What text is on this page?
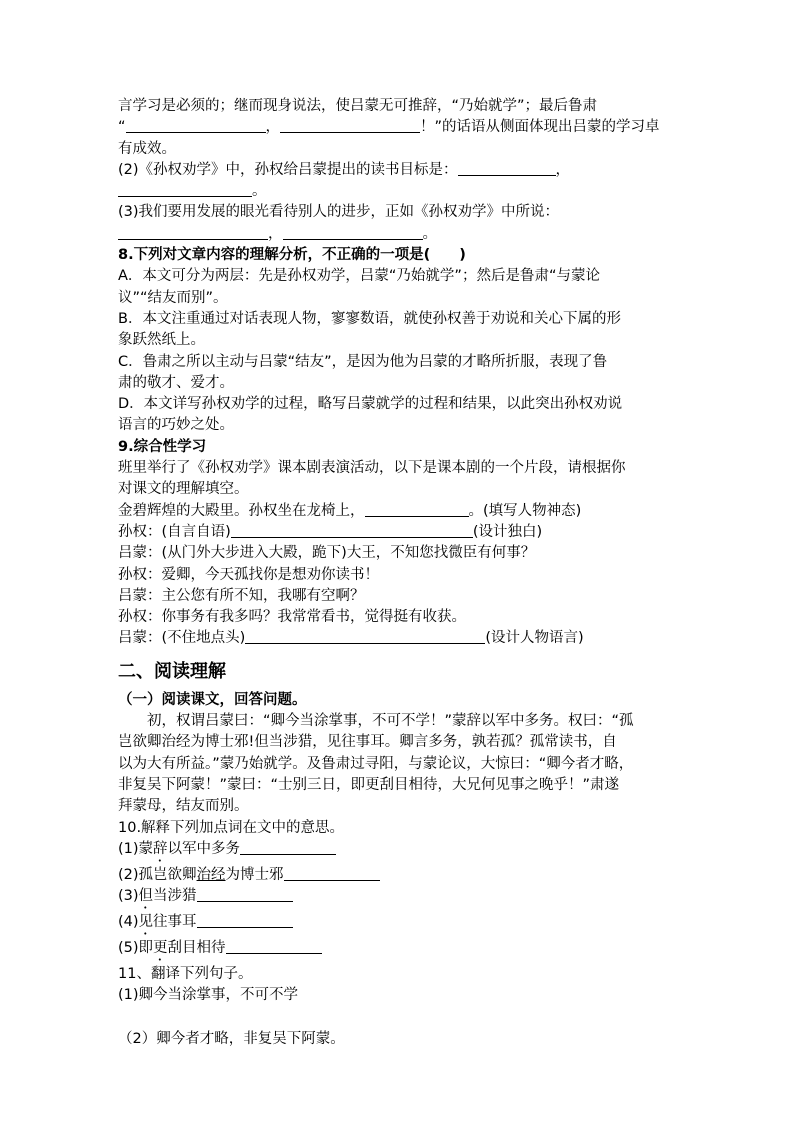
言学习是必须的；继而现身说法，使吕蒙无可推辞，“乃始就学”；最后鲁肃
“	，	！”的话语从侧面体现出吕蒙的学习卓
有成效。
(2)《孙权劝学》中，孙权给吕蒙提出的读书目标是：	，
。
(3)我们要用发展的眼光看待别人的进步，正如《孙权劝学》中所说：
，	。
8.下列对文章内容的理解分析，不正确的一项是(　　)
A．本文可分为两层：先是孙权劝学，吕蒙“乃始就学”；然后是鲁肃“与蒙论
议”“结友而别”。
B．本文注重通过对话表现人物，寥寥数语，就使孙权善于劝说和关心下属的形
象跃然纸上。
C．鲁肃之所以主动与吕蒙“结友”，是因为他为吕蒙的才略所折服，表现了鲁
肃的敬才、爱才。
D．本文详写孙权劝学的过程，略写吕蒙就学的过程和结果，以此突出孙权劝说
语言的巧妙之处。
9.综合性学习
班里举行了《孙权劝学》课本剧表演活动，以下是课本剧的一个片段，请根据你
对课文的理解填空。
金碧辉煌的大殿里。孙权坐在龙椅上，	。(填写人物神态)
孙权：(自言自语)	(设计独白)
吕蒙：(从门外大步进入大殿，跪下)大王，不知您找微臣有何事？
孙权：爱卿，今天孤找你是想劝你读书！
吕蒙：主公您有所不知，我哪有空啊？
孙权：你事务有我多吗？我常常看书，觉得挺有收获。
吕蒙：(不住地点头)	(设计人物语言)
二、阅读理解
（一）阅读课文，回答问题。
初，权谓吕蒙曰：“卿今当涂掌事，不可不学！”蒙辞以军中多务。权曰：“孤
岂欲卿治经为博士邪!但当涉猎，见往事耳。卿言多务，孰若孤？孤常读书，自
以为大有所益。”蒙乃始就学。及鲁肃过寻阳，与蒙论议，大惊曰：“卿今者才略，
非复吴下阿蒙！”蒙曰：“士别三日，即更刮目相待，大兄何见事之晚乎！”肃遂
拜蒙母，结友而别。
10.解释下列加点词在文中的意思。
(1)蒙辞以军中多务
(2)孤岂欲卿治经为博士邪
(3)但当涉猎
(4)见往事耳
(5)即更刮目相待
11、翻译下列句子。
(1)卿今当涂掌事，不可不学
（2）卿今者才略，非复吴下阿蒙。
